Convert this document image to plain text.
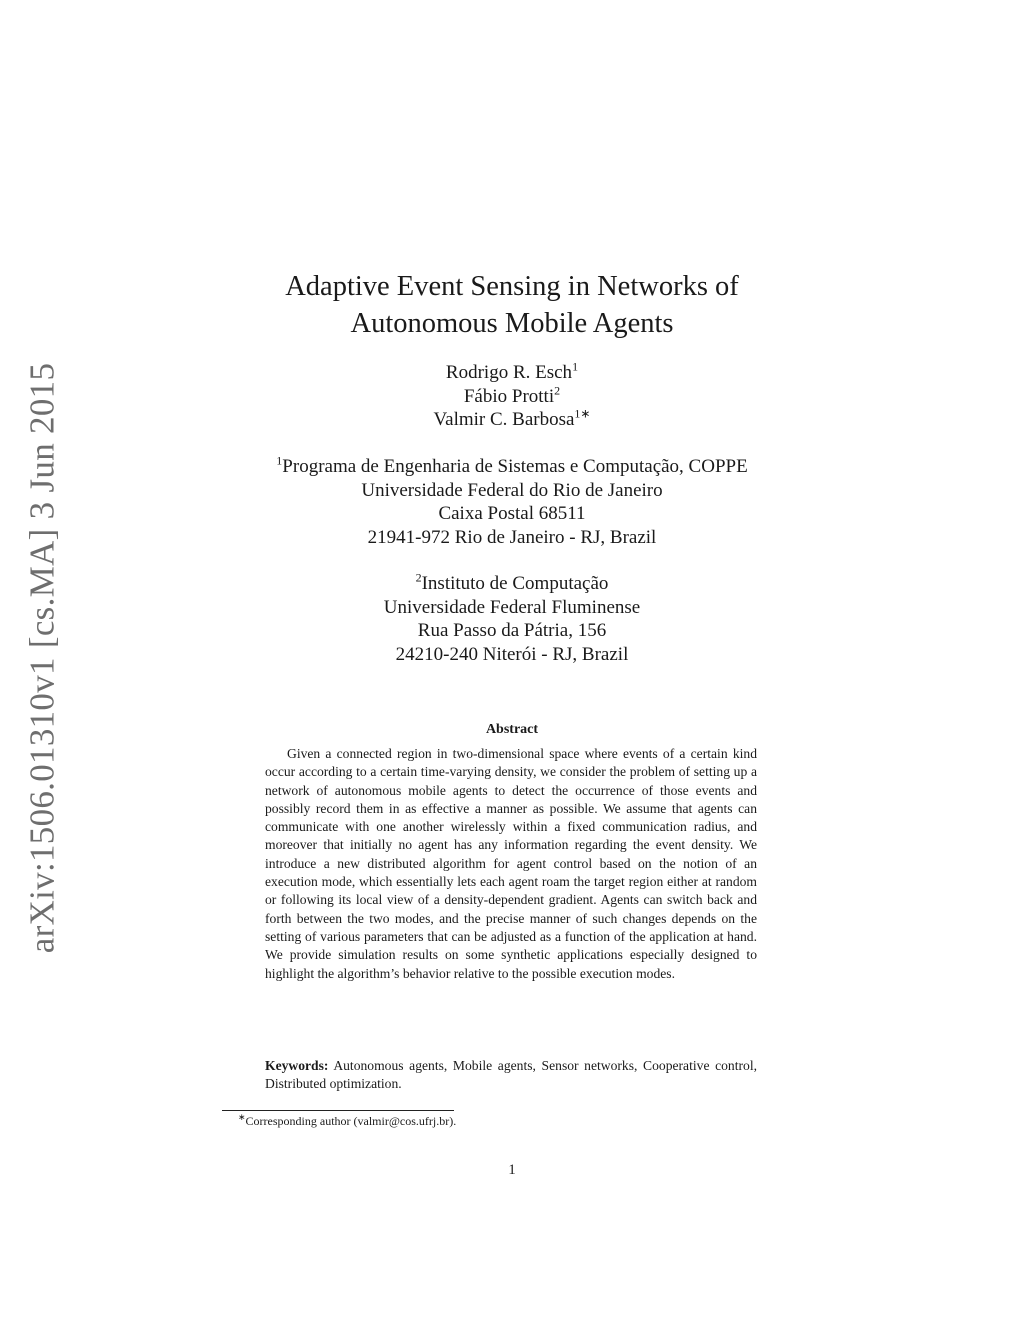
arXiv:1506.01310v1 [cs.MA] 3 Jun 2015
Adaptive Event Sensing in Networks of
Autonomous Mobile Agents
Rodrigo R. Esch$^1$
Fábio Protti$^2$
Valmir C. Barbosa$^{1∗}$
$^1$Programa de Engenharia de Sistemas e Computação, COPPE
Universidade Federal do Rio de Janeiro
Caixa Postal 68511
21941-972 Rio de Janeiro - RJ, Brazil
$^2$Instituto de Computação
Universidade Federal Fluminense
Rua Passo da Pátria, 156
24210-240 Niterói - RJ, Brazil
Abstract

Given a connected region in two-dimensional space where events of a certain kind occur according to a certain time-varying density, we consider the problem of setting up a network of autonomous mobile agents to detect the occurrence of those events and possibly record them in as effective a manner as possible. We assume that agents can communicate with one another wirelessly within a fixed communication radius, and moreover that initially no agent has any information regarding the event density. We introduce a new distributed algorithm for agent control based on the notion of an execution mode, which essentially lets each agent roam the target region either at random or following its local view of a density-dependent gradient. Agents can switch back and forth between the two modes, and the precise manner of such changes depends on the setting of various parameters that can be adjusted as a function of the application at hand. We provide simulation results on some synthetic applications especially designed to highlight the algorithm’s behavior relative to the possible execution modes.

Keywords: Autonomous agents, Mobile agents, Sensor networks, Cooperative control, Distributed optimization.

∗Corresponding author (valmir@cos.ufrj.br).
1
